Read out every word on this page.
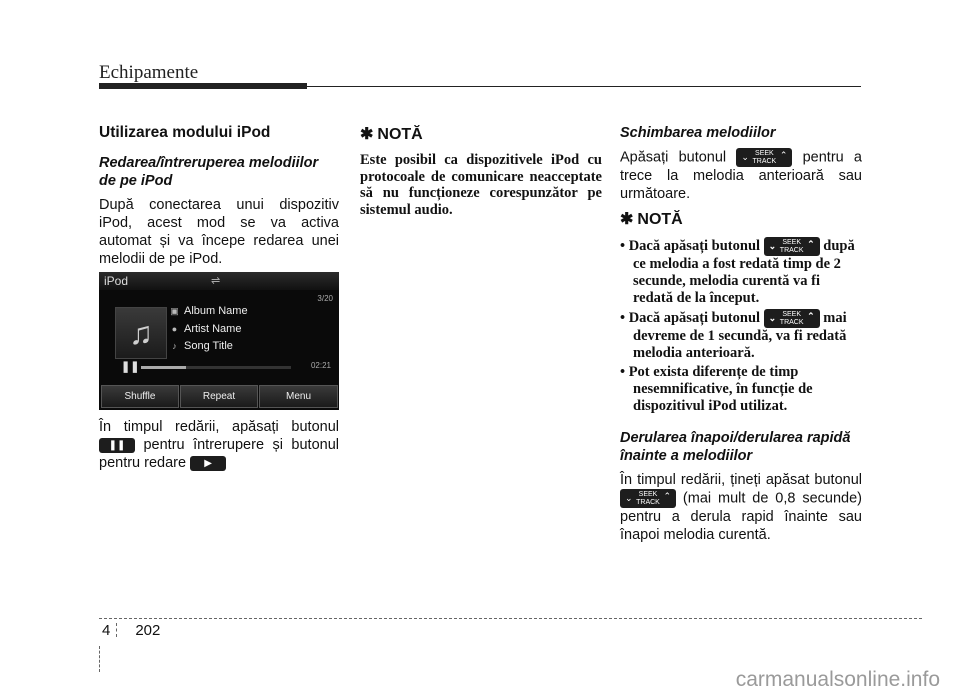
Echipamente
Utilizarea modului iPod
Redarea/întreruperea melodiilor de pe iPod

După conectarea unui dispozitiv iPod, acest mod se va activa automat și va începe redarea unei melodii de pe iPod.

iPod	⇌
3/20
♫
▣ Album Name
● Artist Name
♪ Song Title
❚❚	02:21
Shuffle	Repeat	Menu

În timpul redării, apăsați butonul ❚❚ pentru întrerupere și butonul pentru redare ▶

✱ NOTĂ

Este posibil ca dispozitivele iPod cu protocoale de comunicare neacceptate să nu funcționeze corespunzător pe sistemul audio.

Schimbarea melodiilor

Apăsați butonul ⌄ SEEK
TRACK
⌃ pentru a trece la melodia anterioară sau următoare.

✱ NOTĂ
• Dacă apăsați butonul ⌄ SEEK
TRACK
⌃ după ce melodia a fost redată timp de 2 secunde, melodia curentă va fi redată de la început.
• Dacă apăsați butonul ⌄ SEEK
TRACK
⌃ mai devreme de 1 secundă, va fi redată melodia anterioară.
• Pot exista diferențe de timp nesemnificative, în funcție de dispozitivul iPod utilizat.
Derularea înapoi/derularea rapidă înainte a melodiilor

În timpul redării, țineți apăsat butonul
⌄ SEEK
TRACK
⌃ (mai mult de 0,8 secunde) pentru a derula rapid înainte sau înapoi melodia curentă.

4 202
carmanualsonline.info
